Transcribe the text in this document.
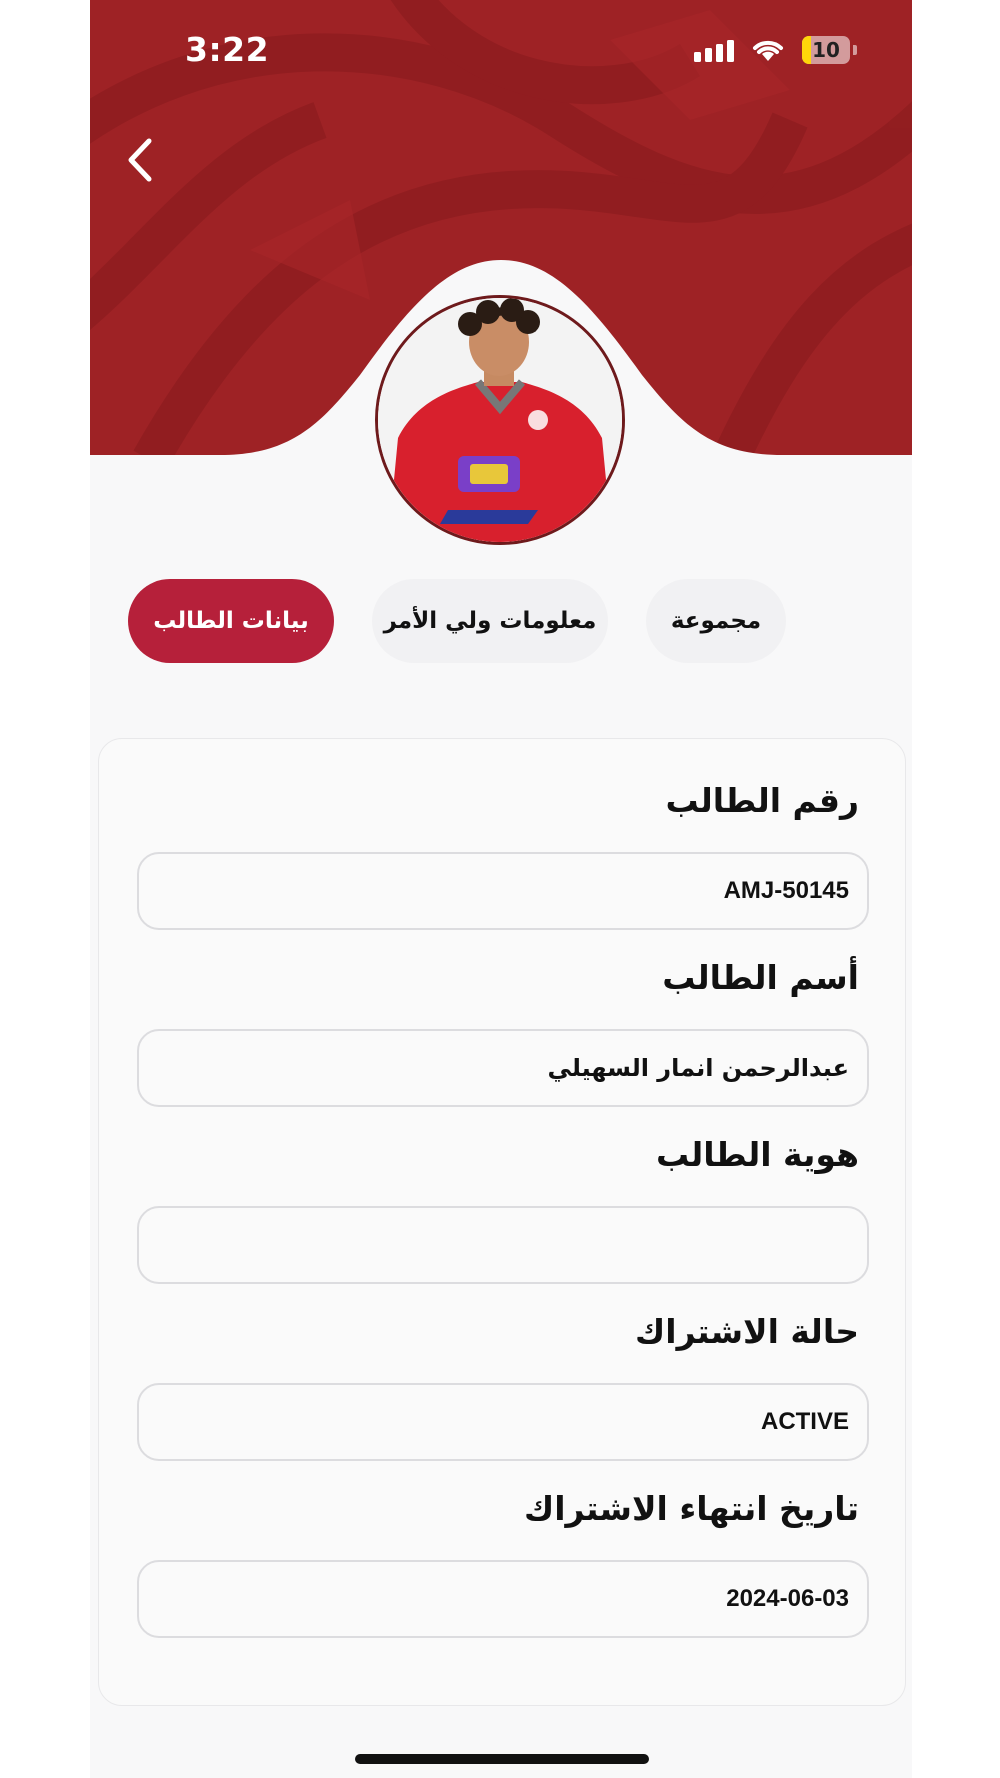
3:22	10
بيانات الطالب	معلومات ولي الأمر	مجموعة
رقم الطالب
AMJ-50145
أسم الطالب
عبدالرحمن انمار السهيلي
هوية الطالب
حالة الاشتراك
ACTIVE
تاريخ انتهاء الاشتراك
2024-06-03
